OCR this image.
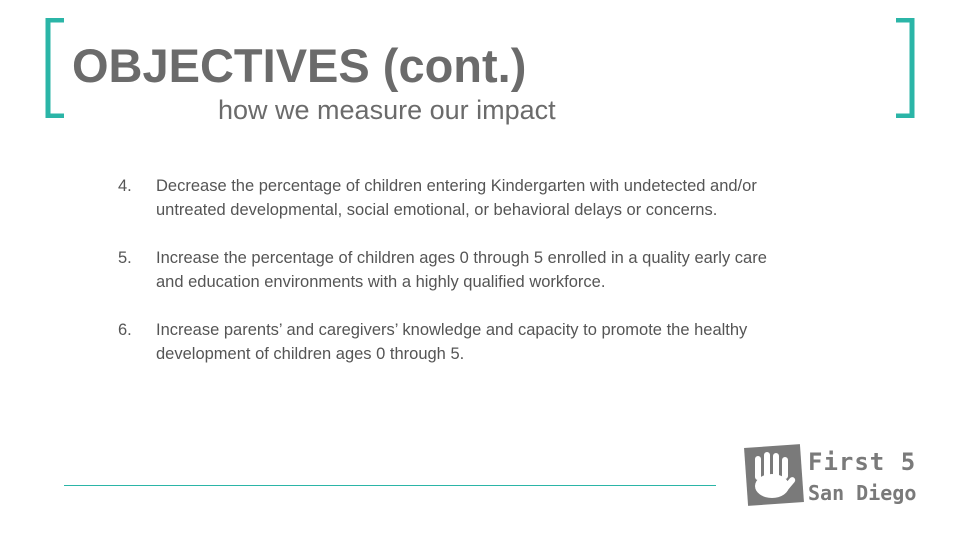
OBJECTIVES (cont.)
how we measure our impact
4. Decrease the percentage of children entering Kindergarten with undetected and/or untreated developmental, social emotional, or behavioral delays or concerns.
5. Increase the percentage of children ages 0 through 5 enrolled in a quality early care and education environments with a highly qualified workforce.
6. Increase parents’ and caregivers’ knowledge and capacity to promote the healthy development of children ages 0 through 5.
First 5
San Diego
